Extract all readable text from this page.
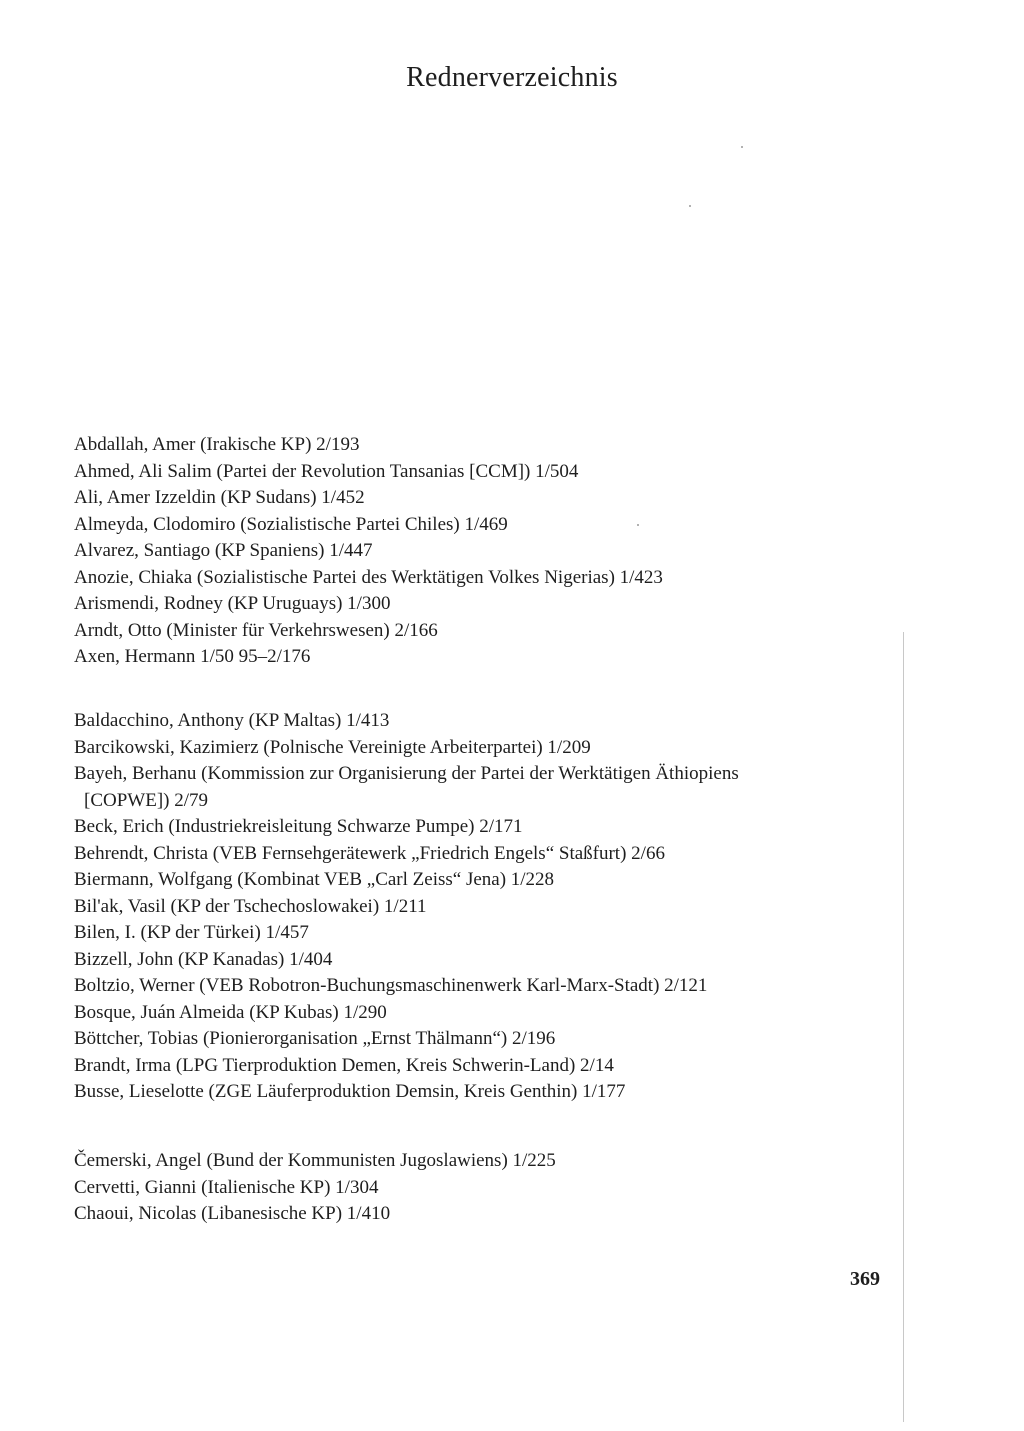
Rednerverzeichnis
Abdallah, Amer (Irakische KP) 2/193
Ahmed, Ali Salim (Partei der Revolution Tansanias [CCM]) 1/504
Ali, Amer Izzeldin (KP Sudans) 1/452
Almeyda, Clodomiro (Sozialistische Partei Chiles) 1/469
Alvarez, Santiago (KP Spaniens) 1/447
Anozie, Chiaka (Sozialistische Partei des Werktätigen Volkes Nigerias) 1/423
Arismendi, Rodney (KP Uruguays) 1/300
Arndt, Otto (Minister für Verkehrswesen) 2/166
Axen, Hermann 1/50 95–2/176
Baldacchino, Anthony (KP Maltas) 1/413
Barcikowski, Kazimierz (Polnische Vereinigte Arbeiterpartei) 1/209
Bayeh, Berhanu (Kommission zur Organisierung der Partei der Werktätigen Äthiopiens
[COPWE]) 2/79
Beck, Erich (Industriekreisleitung Schwarze Pumpe) 2/171
Behrendt, Christa (VEB Fernsehgerätewerk „Friedrich Engels“ Staßfurt) 2/66
Biermann, Wolfgang (Kombinat VEB „Carl Zeiss“ Jena) 1/228
Bil'ak, Vasil (KP der Tschechoslowakei) 1/211
Bilen, I. (KP der Türkei) 1/457
Bizzell, John (KP Kanadas) 1/404
Boltzio, Werner (VEB Robotron-Buchungsmaschinenwerk Karl-Marx-Stadt) 2/121
Bosque, Juán Almeida (KP Kubas) 1/290
Böttcher, Tobias (Pionierorganisation „Ernst Thälmann“) 2/196
Brandt, Irma (LPG Tierproduktion Demen, Kreis Schwerin-Land) 2/14
Busse, Lieselotte (ZGE Läuferproduktion Demsin, Kreis Genthin) 1/177
Čemerski, Angel (Bund der Kommunisten Jugoslawiens) 1/225
Cervetti, Gianni (Italienische KP) 1/304
Chaoui, Nicolas (Libanesische KP) 1/410
369
